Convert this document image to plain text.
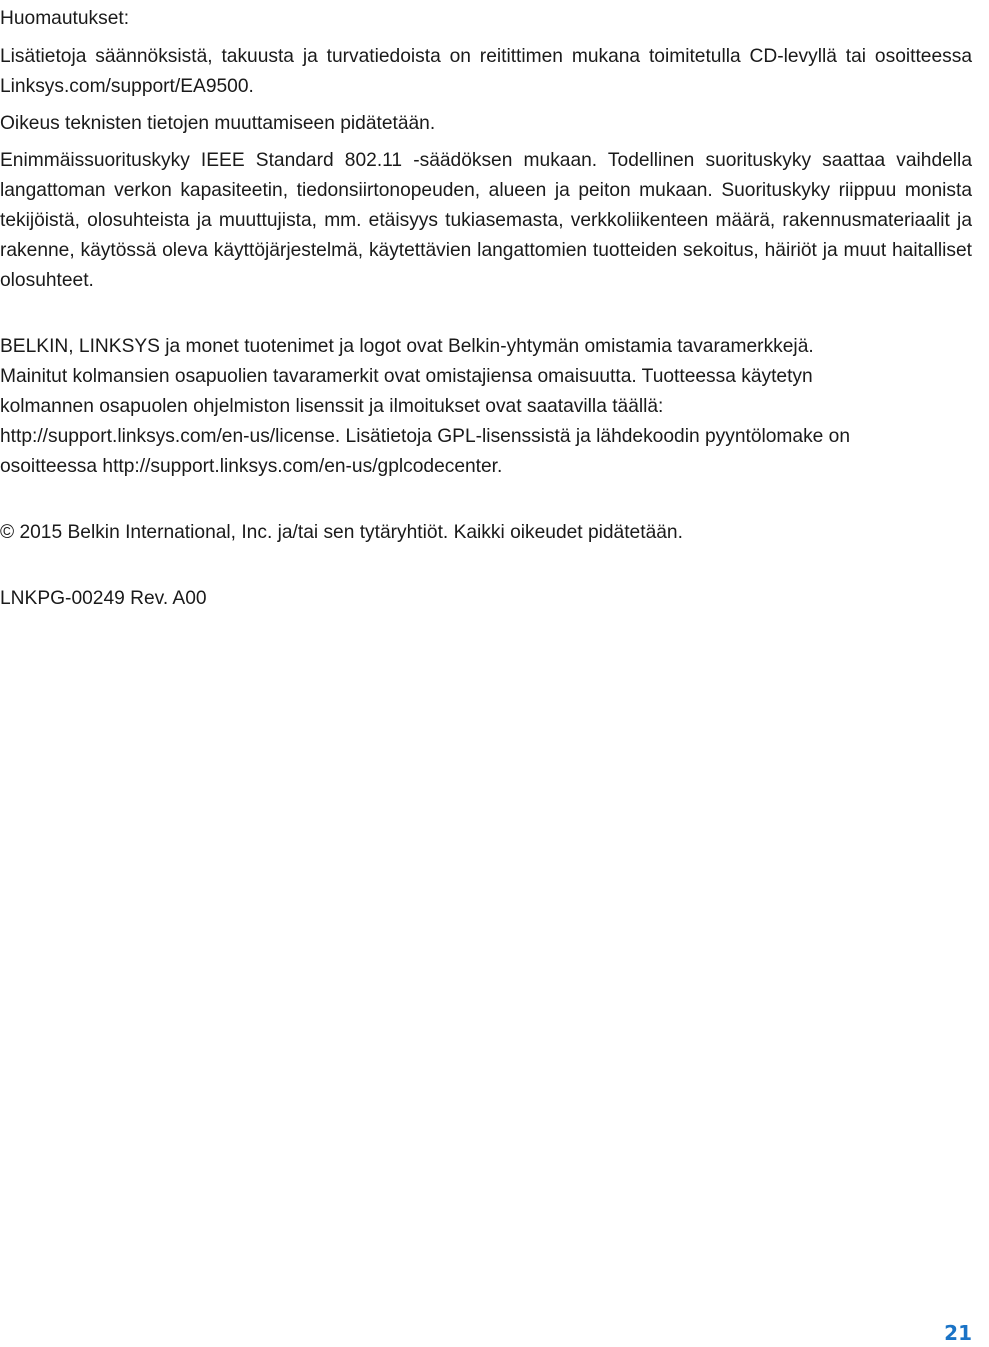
Huomautukset:

Lisätietoja säännöksistä, takuusta ja turvatiedoista on reitittimen mukana toimitetulla CD-levyllä tai osoitteessa Linksys.com/support/EA9500.

Oikeus teknisten tietojen muuttamiseen pidätetään.

Enimmäissuorituskyky IEEE Standard 802.11 -säädöksen mukaan. Todellinen suorituskyky saattaa vaihdella langattoman verkon kapasiteetin, tiedonsiirtonopeuden, alueen ja peiton mukaan. Suorituskyky riippuu monista tekijöistä, olosuhteista ja muuttujista, mm. etäisyys tukiasemasta, verkkoliikenteen määrä, rakennusmateriaalit ja rakenne, käytössä oleva käyttöjärjestelmä, käytettävien langattomien tuotteiden sekoitus, häiriöt ja muut haitalliset olosuhteet.

BELKIN, LINKSYS ja monet tuotenimet ja logot ovat Belkin-yhtymän omistamia tavaramerkkejä.

Mainitut kolmansien osapuolien tavaramerkit ovat omistajiensa omaisuutta. Tuotteessa käytetyn

kolmannen osapuolen ohjelmiston lisenssit ja ilmoitukset ovat saatavilla täällä:

http://support.linksys.com/en-us/license. Lisätietoja GPL-lisenssistä ja lähdekoodin pyyntölomake on

osoitteessa http://support.linksys.com/en-us/gplcodecenter.

© 2015 Belkin International, Inc. ja/tai sen tytäryhtiöt. Kaikki oikeudet pidätetään.

LNKPG-00249 Rev. A00

21
